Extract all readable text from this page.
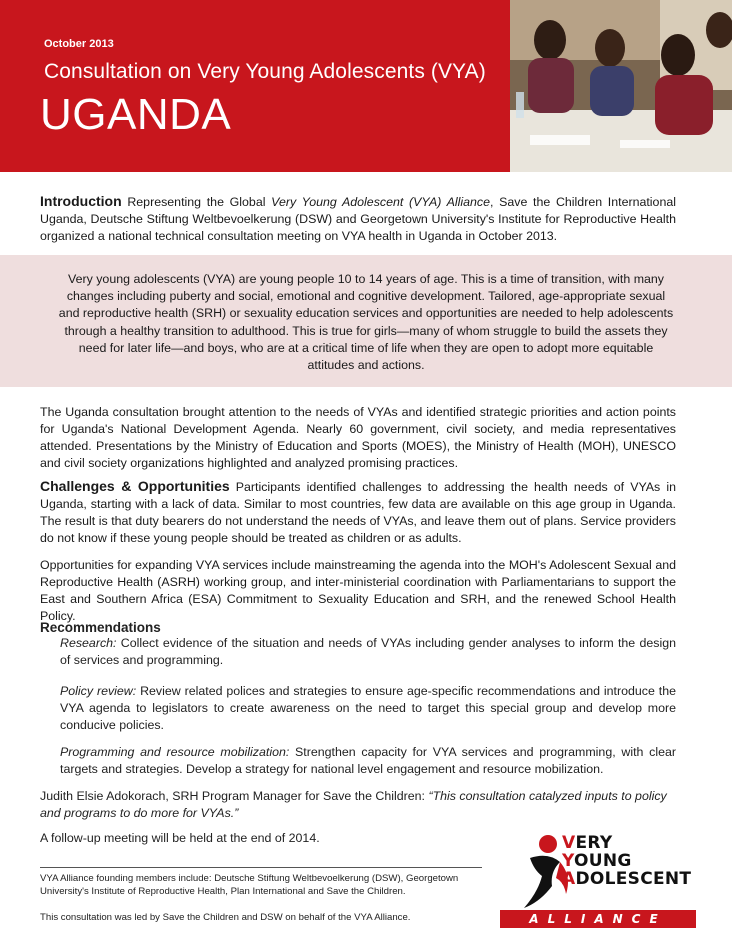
October 2013
Consultation on Very Young Adolescents (VYA)
UGANDA
Introduction Representing the Global Very Young Adolescent (VYA) Alliance, Save the Children International Uganda, Deutsche Stiftung Weltbevoelkerung (DSW) and Georgetown University's Institute for Reproductive Health organized a national technical consultation meeting on VYA health in Uganda in October 2013.
Very young adolescents (VYA) are young people 10 to 14 years of age. This is a time of transition, with many changes including puberty and social, emotional and cognitive development. Tailored, age-appropriate sexual and reproductive health (SRH) or sexuality education services and opportunities are needed to help adolescents through a healthy transition to adulthood. This is true for girls—many of whom struggle to build the assets they need for later life—and boys, who are at a critical time of life when they are open to adopt more equitable attitudes and actions.
The Uganda consultation brought attention to the needs of VYAs and identified strategic priorities and action points for Uganda's National Development Agenda. Nearly 60 government, civil society, and media representatives attended. Presentations by the Ministry of Education and Sports (MOES), the Ministry of Health (MOH), UNESCO and civil society organizations highlighted and analyzed promising practices.
Challenges & Opportunities Participants identified challenges to addressing the health needs of VYAs in Uganda, starting with a lack of data. Similar to most countries, few data are available on this age group in Uganda. The result is that duty bearers do not understand the needs of VYAs, and leave them out of plans. Service providers do not know if these young people should be treated as children or as adults.
Opportunities for expanding VYA services include mainstreaming the agenda into the MOH's Adolescent Sexual and Reproductive Health (ASRH) working group, and inter-ministerial coordination with Parliamentarians to support the East and Southern Africa (ESA) Commitment to Sexuality Education and SRH, and the renewed School Health Policy.
Recommendations
Research: Collect evidence of the situation and needs of VYAs including gender analyses to inform the design of services and programming.
Policy review: Review related polices and strategies to ensure age-specific recommendations and introduce the VYA agenda to legislators to create awareness on the need to target this special group and develop more conducive policies.
Programming and resource mobilization: Strengthen capacity for VYA services and programming, with clear targets and strategies. Develop a strategy for national level engagement and resource mobilization.
Judith Elsie Adokorach, SRH Program Manager for Save the Children: “This consultation catalyzed inputs to policy and programs to do more for VYAs.”
A follow-up meeting will be held at the end of 2014.
VYA Alliance founding members include: Deutsche Stiftung Weltbevoelkerung (DSW), Georgetown University's Institute of Reproductive Health, Plan International and Save the Children.
This consultation was led by Save the Children and DSW on behalf of the VYA Alliance.
VERY
YOUNG
ADOLESCENT
ALLIANCE
